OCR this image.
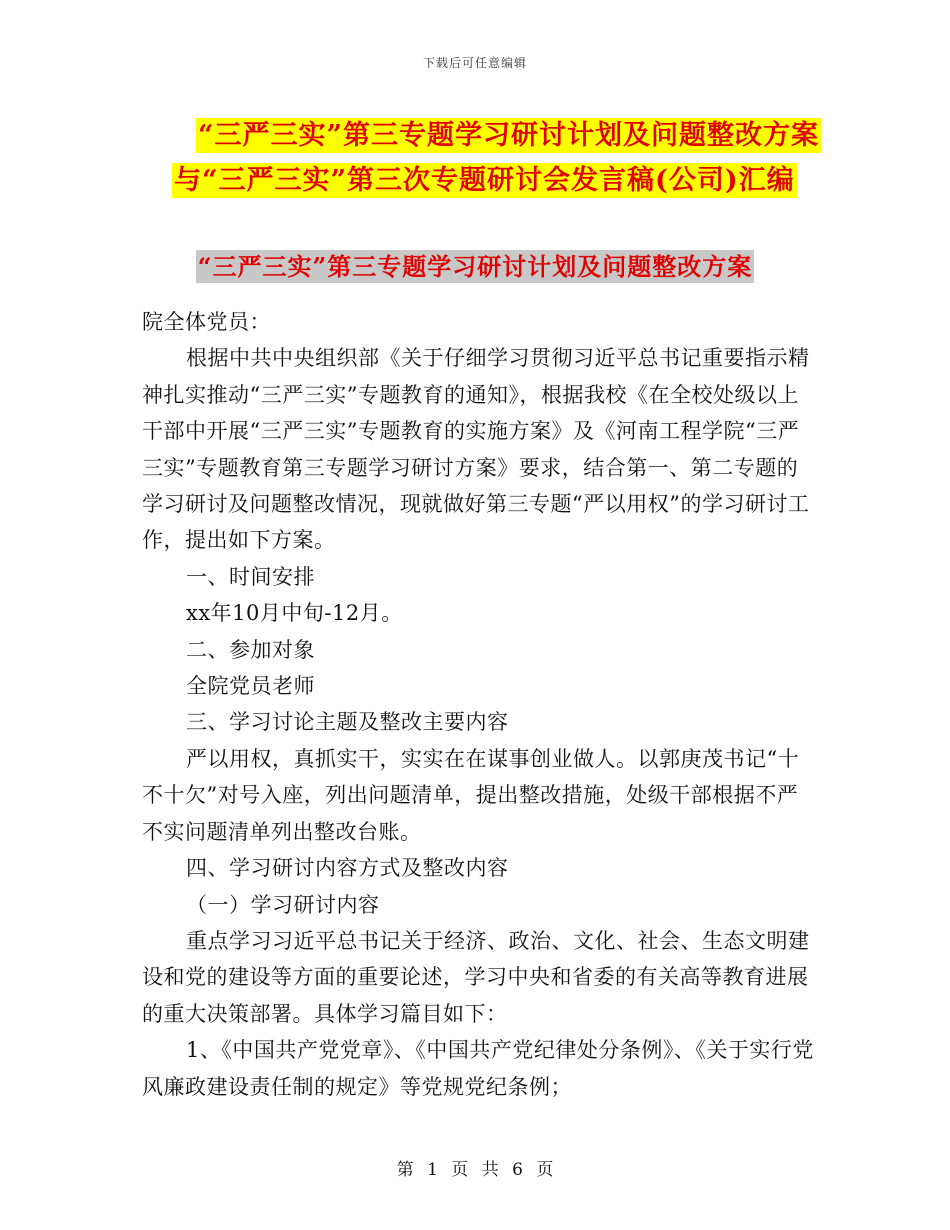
下载后可任意编辑
“三严三实”第三专题学习研讨计划及问题整改方案
与“三严三实”第三次专题研讨会发言稿(公司)汇编
“三严三实”第三专题学习研讨计划及问题整改方案

院全体党员：

根据中共中央组织部《关于仔细学习贯彻习近平总书记重要指示精神扎实推动“三严三实”专题教育的通知》，根据我校《在全校处级以上干部中开展“三严三实”专题教育的实施方案》及《河南工程学院“三严三实”专题教育第三专题学习研讨方案》要求，结合第一、第二专题的学习研讨及问题整改情况，现就做好第三专题“严以用权”的学习研讨工作，提出如下方案。

一、时间安排

xx年10月中旬-12月。

二、参加对象

全院党员老师

三、学习讨论主题及整改主要内容

严以用权，真抓实干，实实在在谋事创业做人。以郭庚茂书记“十不十欠”对号入座，列出问题清单，提出整改措施，处级干部根据不严不实问题清单列出整改台账。

四、学习研讨内容方式及整改内容

（一）学习研讨内容

重点学习习近平总书记关于经济、政治、文化、社会、生态文明建设和党的建设等方面的重要论述，学习中央和省委的有关高等教育进展的重大决策部署。具体学习篇目如下：

1、《中国共产党党章》、《中国共产党纪律处分条例》、《关于实行党风廉政建设责任制的规定》等党规党纪条例；

第 1 页 共 6 页
